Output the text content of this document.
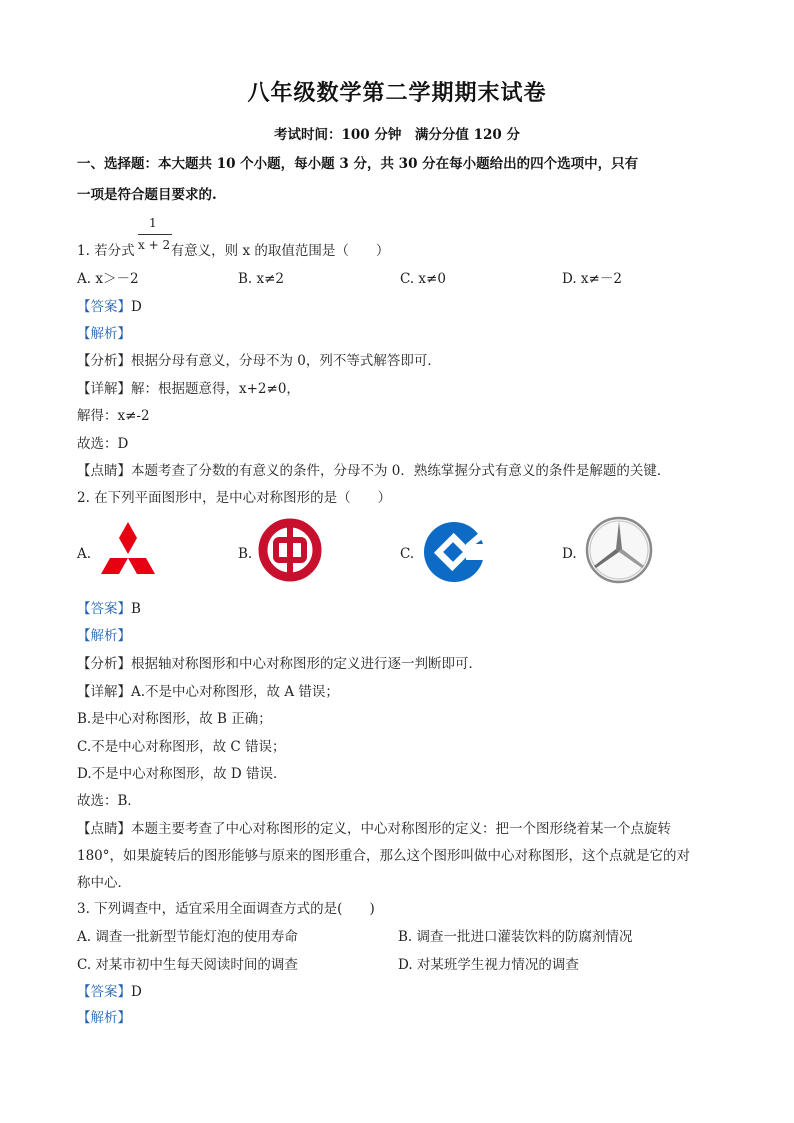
八年级数学第二学期期末试卷
考试时间：100 分钟　满分分值 120 分
一、选择题：本大题共 10 个小题，每小题 3 分，共 30 分在每小题给出的四个选项中，只有
一项是符合题目要求的.
1
x + 2
1. 若分式	有意义，则 x 的取值范围是（　　）
A. x＞－2	B. x≠2	C. x≠0	D. x≠－2
【答案】D
【解析】
【分析】根据分母有意义，分母不为 0，列不等式解答即可．
【详解】解：根据题意得，x+2≠0，
解得：x≠-2
故选：D
【点睛】本题考查了分数的有意义的条件，分母不为 0．熟练掌握分式有意义的条件是解题的关键．
2. 在下列平面图形中，是中心对称图形的是（　　）
A.	B.	C.	D.
【答案】B
【解析】
【分析】根据轴对称图形和中心对称图形的定义进行逐一判断即可．
【详解】A.不是中心对称图形，故 A 错误；
B.是中心对称图形，故 B 正确；
C.不是中心对称图形，故 C 错误；
D.不是中心对称图形，故 D 错误．
故选：B．
【点睛】本题主要考查了中心对称图形的定义，中心对称图形的定义：把一个图形绕着某一个点旋转
180°，如果旋转后的图形能够与原来的图形重合，那么这个图形叫做中心对称图形，这个点就是它的对
称中心．
3. 下列调查中，适宜采用全面调查方式的是(　　)
A. 调查一批新型节能灯泡的使用寿命	B. 调查一批进口灌装饮料的防腐剂情况
C. 对某市初中生每天阅读时间的调查	D. 对某班学生视力情况的调查
【答案】D
【解析】
